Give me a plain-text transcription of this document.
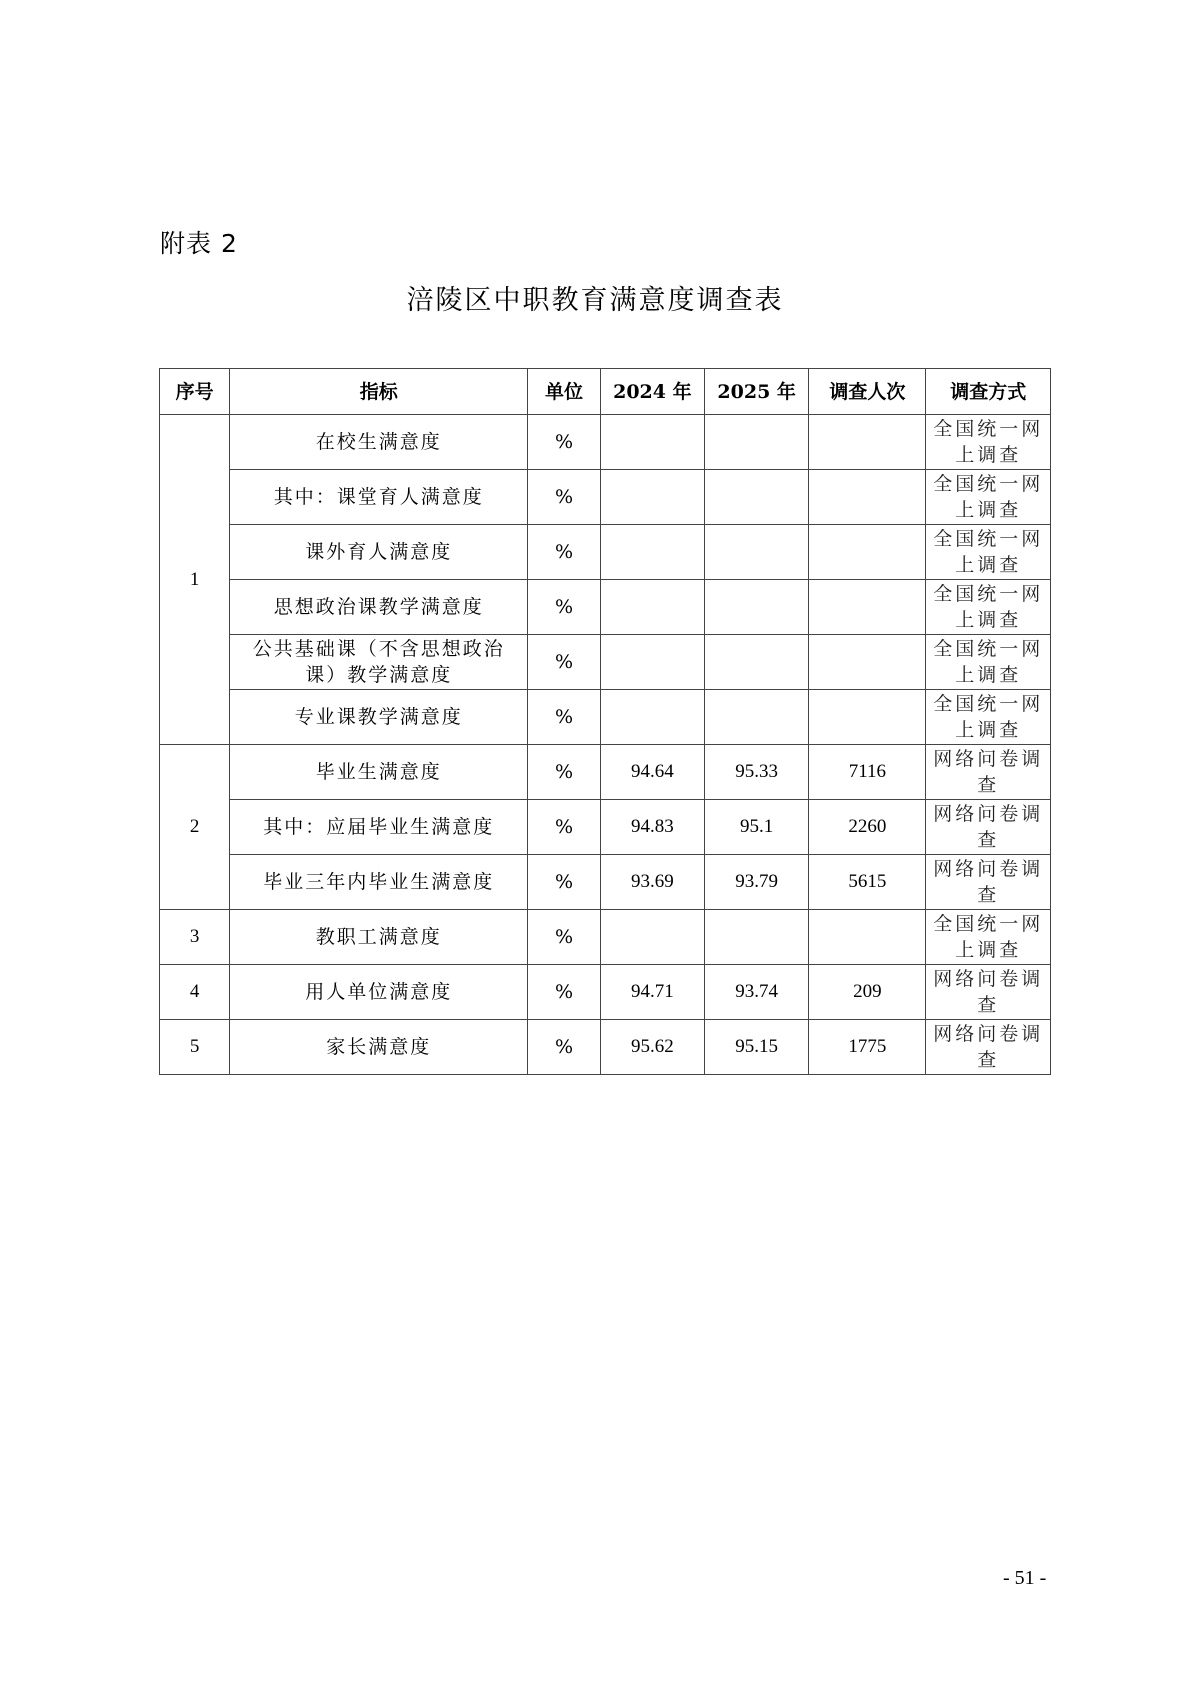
附表 2
涪陵区中职教育满意度调查表
序号	指标	单位	2024 年	2025 年	调查人次	调查方式
1	在校生满意度	%				全国统一网上调查
	其中：课堂育人满意度	%				全国统一网上调查
	课外育人满意度	%				全国统一网上调查
	思想政治课教学满意度	%				全国统一网上调查
	公共基础课（不含思想政治课）教学满意度	%				全国统一网上调查
	专业课教学满意度	%				全国统一网上调查
2	毕业生满意度	%	94.64	95.33	7116	网络问卷调查
	其中：应届毕业生满意度	%	94.83	95.1	2260	网络问卷调查
	毕业三年内毕业生满意度	%	93.69	93.79	5615	网络问卷调查
3	教职工满意度	%				全国统一网上调查
4	用人单位满意度	%	94.71	93.74	209	网络问卷调查
5	家长满意度	%	95.62	95.15	1775	网络问卷调查
- 51 -
